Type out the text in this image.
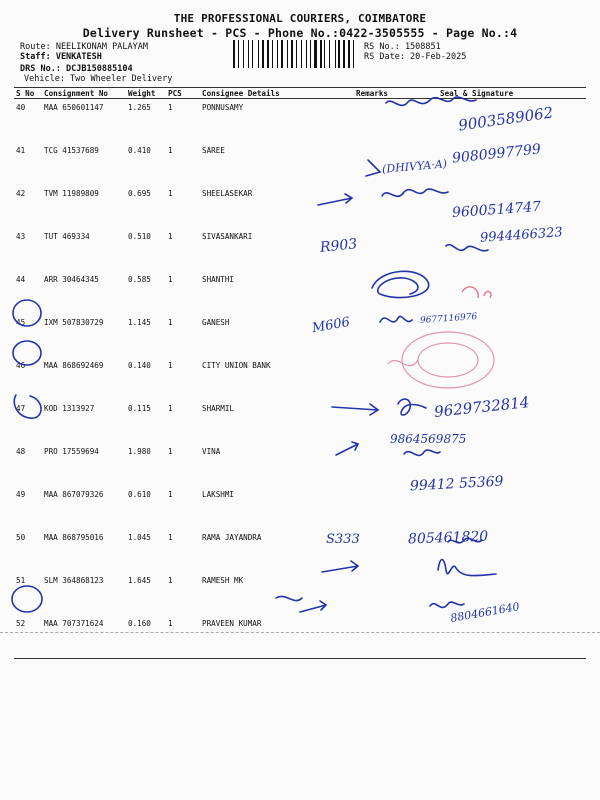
THE PROFESSIONAL COURIERS, COIMBATORE
Delivery Runsheet - PCS - Phone No.:0422-3505555 - Page No.:4
Route: NEELIKONAM PALAYAM
Staff: VENKATESH
DRS No.: DCJB150885104
Vehicle: Two Wheeler Delivery
RS No.: 1508851
RS Date: 20-Feb-2025
S No	Consignment No	Weight	PCS	Consignee Details	Remarks	Seal & Signature
40	MAA 650601147	1.265	1	PONNUSAMY		
41	TCG 41537689	0.410	1	SAREE		
42	TVM 11989809	0.695	1	SHEELASEKAR		
43	TUT 469334	0.510	1	SIVASANKARI		
44	ARR 30464345	0.585	1	SHANTHI		
45	IXM 507830729	1.145	1	GANESH		
46	MAA 868692469	0.140	1	CITY UNION BANK		
47	KOD 1313927	0.115	1	SHARMIL		
48	PRO 17559694	1.980	1	VINA		
49	MAA 867079326	0.610	1	LAKSHMI		
50	MAA 868795016	1.045	1	RAMA JAYANDRA		
51	SLM 364868123	1.645	1	RAMESH MK		
52	MAA 707371624	0.160	1	PRAVEEN KUMAR		
9003589062
9080997799
(DHIVYA·A)
9600514747
R903
9944466323
M606	9677116976
9629732814
9864569875
99412 55369
S333	805461820
8804661640
